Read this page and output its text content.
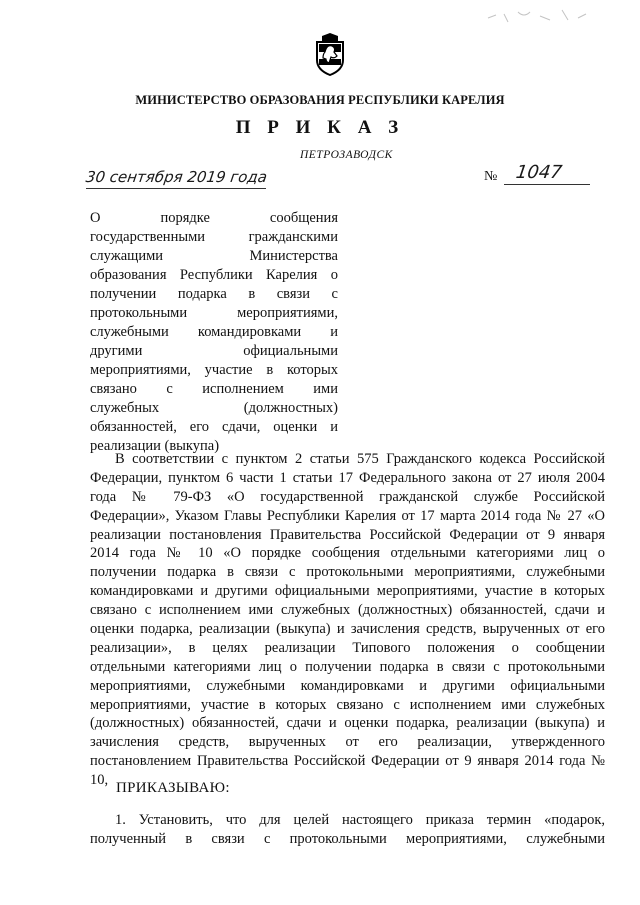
МИНИСТЕРСТВО ОБРАЗОВАНИЯ РЕСПУБЛИКИ КАРЕЛИЯ
П Р И К А З
ПЕТРОЗАВОДСК
30 сентября 2019 года	№ 1047
О порядке сообщения
государственными гражданскими
служащими Министерства
образования Республики Карелия о
получении подарка в связи с
протокольными мероприятиями,
служебными командировками и
другими официальными
мероприятиями, участие в которых
связано с исполнением ими
служебных (должностных)
обязанностей, его сдачи, оценки и
реализации (выкупа)
В соответствии с пунктом 2 статьи 575 Гражданского кодекса Российской
Федерации, пунктом 6 части 1 статьи 17 Федерального закона от 27 июля 2004
года № 79-ФЗ «О государственной гражданской службе Российской
Федерации», Указом Главы Республики Карелия от 17 марта 2014 года № 27 «О
реализации постановления Правительства Российской Федерации от 9 января
2014 года № 10 «О порядке сообщения отдельными категориями лиц о
получении подарка в связи с протокольными мероприятиями, служебными
командировками и другими официальными мероприятиями, участие в которых
связано с исполнением ими служебных (должностных) обязанностей, сдачи и
оценки подарка, реализации (выкупа) и зачисления средств, вырученных от его
реализации», в целях реализации Типового положения о сообщении
отдельными категориями лиц о получении подарка в связи с протокольными
мероприятиями, служебными командировками и другими официальными
мероприятиями, участие в которых связано с исполнением ими служебных
(должностных) обязанностей, сдачи и оценки подарка, реализации (выкупа) и
зачисления средств, вырученных от его реализации, утвержденного
постановлением Правительства Российской Федерации от 9 января 2014 года №
10, ПРИКАЗЫВАЮ:
1. Установить, что для целей настоящего приказа термин «подарок,
полученный в связи с протокольными мероприятиями, служебными
